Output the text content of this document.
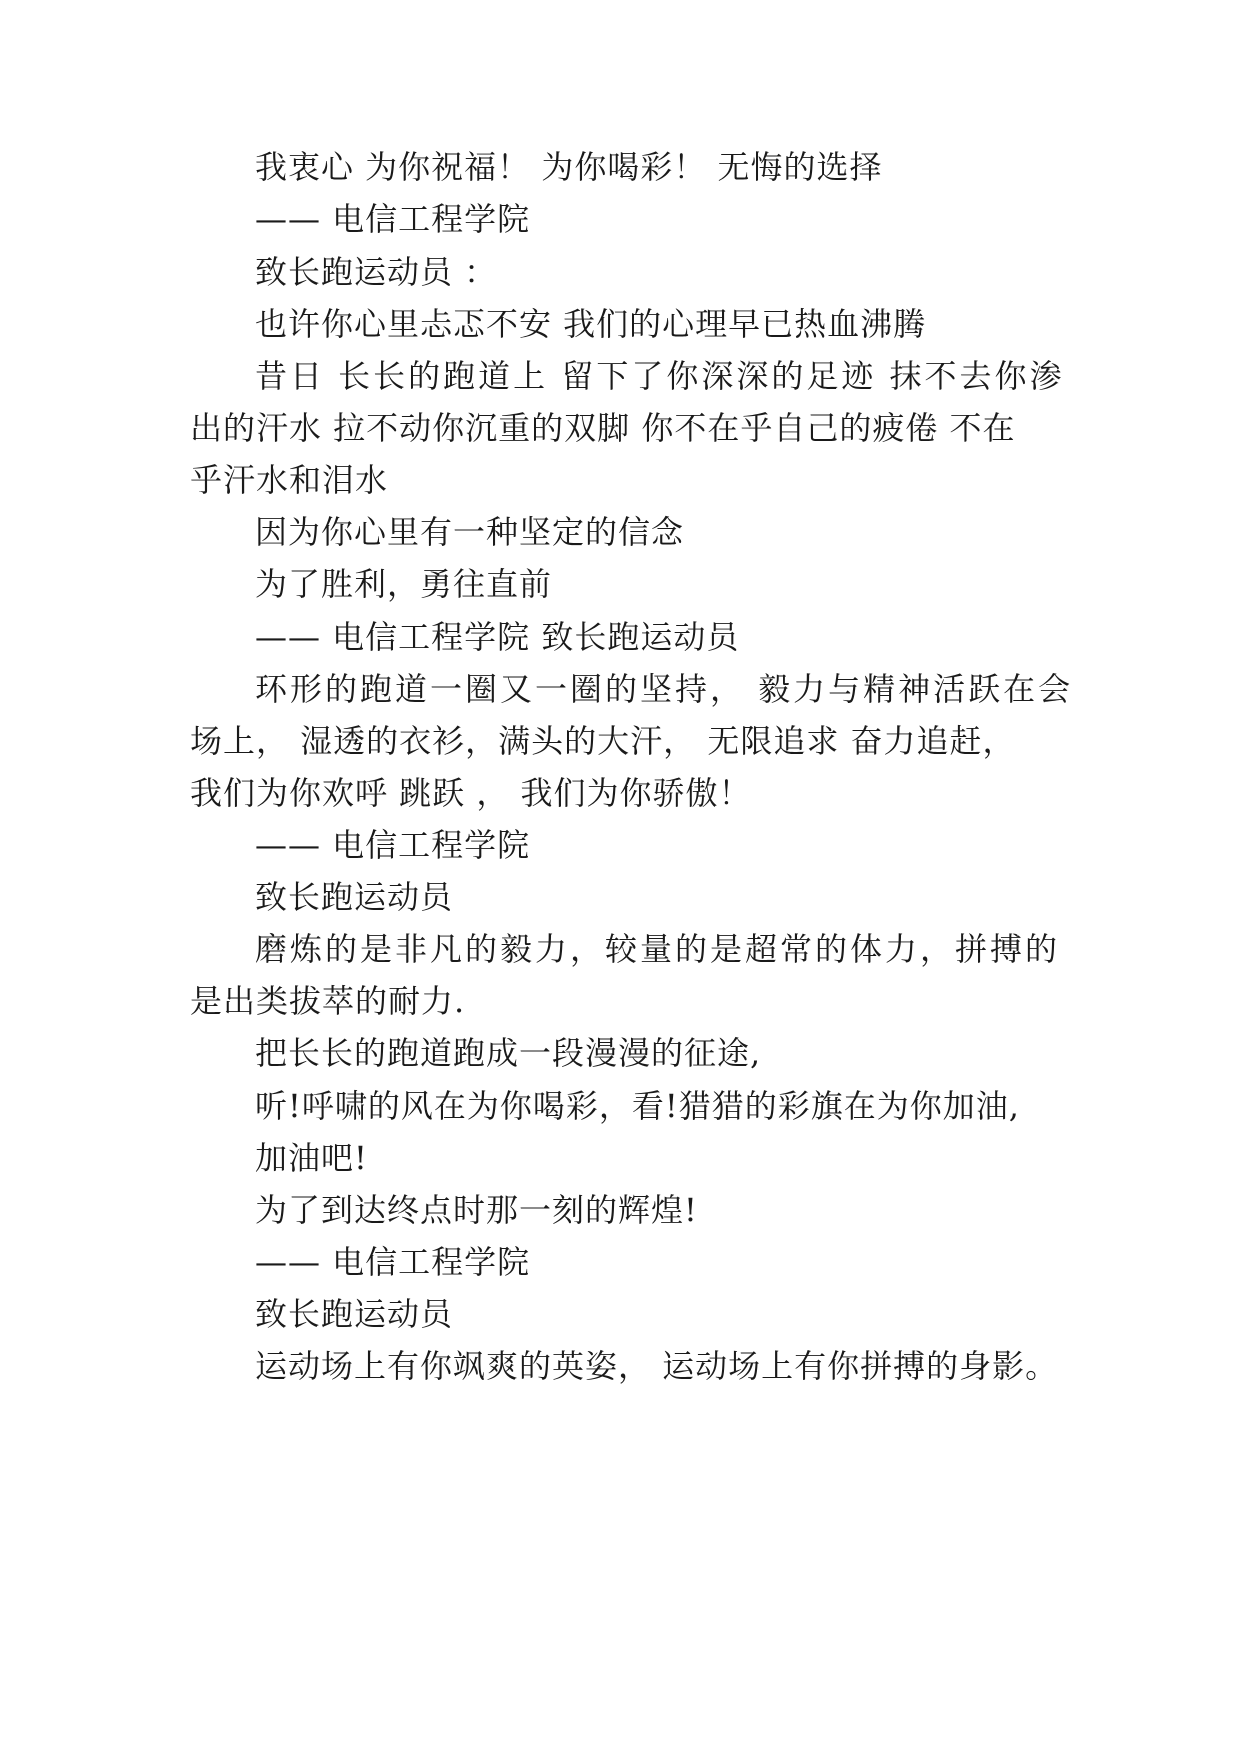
我衷心 为你祝福！ 为你喝彩！ 无悔的选择
—— 电信工程学院
致长跑运动员 ：
也许你心里忐忑不安 我们的心理早已热血沸腾
昔日 长长的跑道上 留下了你深深的足迹 抹不去你渗
出的汗水 拉不动你沉重的双脚 你不在乎自己的疲倦 不在
乎汗水和泪水
因为你心里有一种坚定的信念
为了胜利，勇往直前
—— 电信工程学院 致长跑运动员
环形的跑道一圈又一圈的坚持， 毅力与精神活跃在会
场上， 湿透的衣衫，满头的大汗， 无限追求 奋力追赶，
我们为你欢呼 跳跃 ， 我们为你骄傲！
—— 电信工程学院
致长跑运动员
磨炼的是非凡的毅力，较量的是超常的体力，拼搏的
是出类拔萃的耐力.
把长长的跑道跑成一段漫漫的征途,
听!呼啸的风在为你喝彩，看!猎猎的彩旗在为你加油,
加油吧!
为了到达终点时那一刻的辉煌!
—— 电信工程学院
致长跑运动员
运动场上有你飒爽的英姿， 运动场上有你拼搏的身影。
